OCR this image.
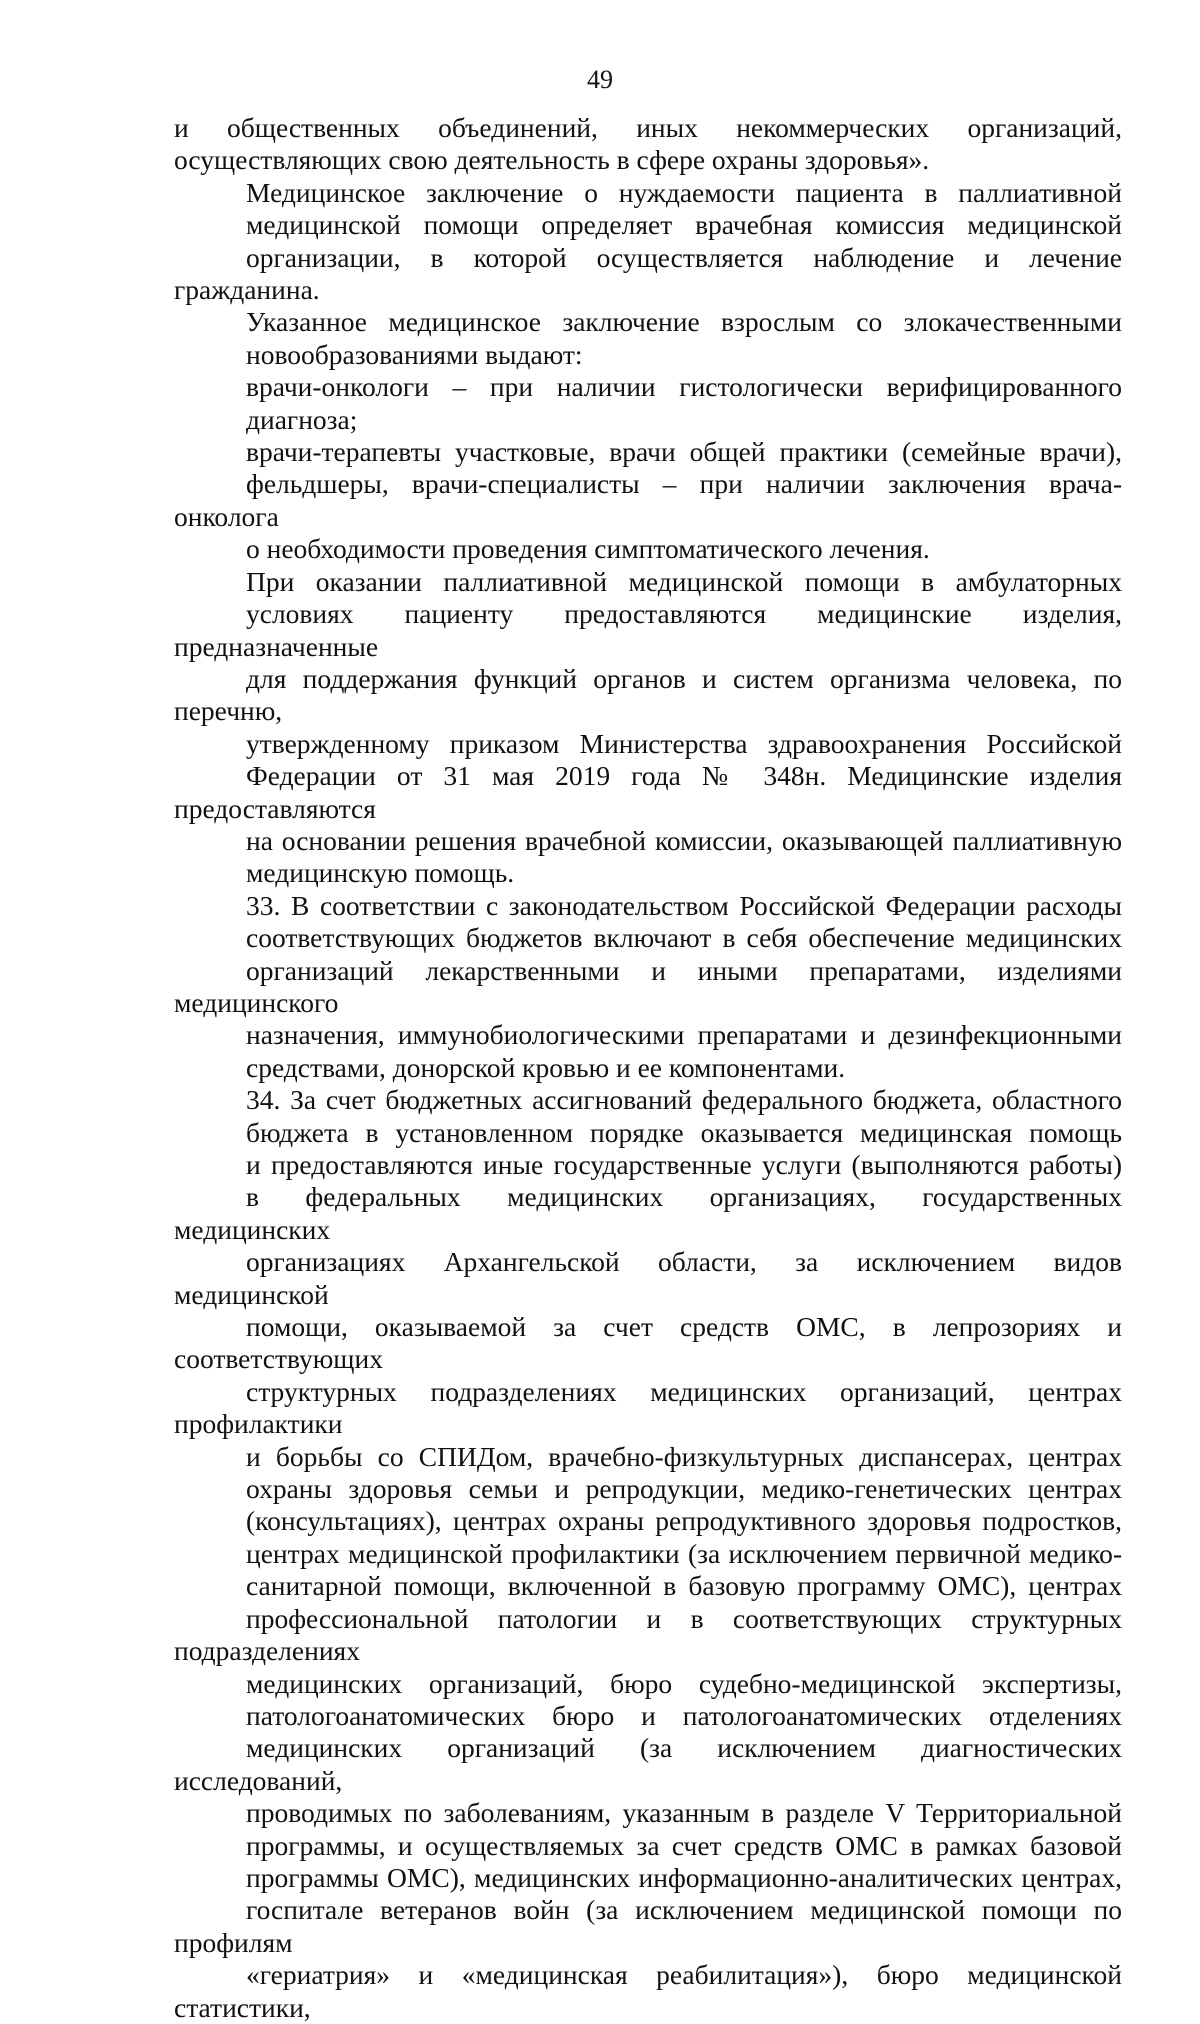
49

и общественных объединений, иных некоммерческих организаций,
осуществляющих свою деятельность в сфере охраны здоровья».

Медицинское заключение о нуждаемости пациента в паллиативной
медицинской помощи определяет врачебная комиссия медицинской
организации, в которой осуществляется наблюдение и лечение гражданина.
Указанное медицинское заключение взрослым со злокачественными
новообразованиями выдают:

врачи-онкологи – при наличии гистологически верифицированного
диагноза;

врачи-терапевты участковые, врачи общей практики (семейные врачи),
фельдшеры, врачи-специалисты – при наличии заключения врача-онколога
о необходимости проведения симптоматического лечения.

При оказании паллиативной медицинской помощи в амбулаторных
условиях пациенту предоставляются медицинские изделия, предназначенные
для поддержания функций органов и систем организма человека, по перечню,
утвержденному приказом Министерства здравоохранения Российской
Федерации от 31 мая 2019 года № 348н. Медицинские изделия предоставляются
на основании решения врачебной комиссии, оказывающей паллиативную
медицинскую помощь.

33. В соответствии с законодательством Российской Федерации расходы
соответствующих бюджетов включают в себя обеспечение медицинских
организаций лекарственными и иными препаратами, изделиями медицинского
назначения, иммунобиологическими препаратами и дезинфекционными
средствами, донорской кровью и ее компонентами.

34. За счет бюджетных ассигнований федерального бюджета, областного
бюджета в установленном порядке оказывается медицинская помощь
и предоставляются иные государственные услуги (выполняются работы)
в федеральных медицинских организациях, государственных медицинских
организациях Архангельской области, за исключением видов медицинской
помощи, оказываемой за счет средств ОМС, в лепрозориях и соответствующих
структурных подразделениях медицинских организаций, центрах профилактики
и борьбы со СПИДом, врачебно-физкультурных диспансерах, центрах
охраны здоровья семьи и репродукции, медико-генетических центрах
(консультациях), центрах охраны репродуктивного здоровья подростков,
центрах медицинской профилактики (за исключением первичной медико-
санитарной помощи, включенной в базовую программу ОМС), центрах
профессиональной патологии и в соответствующих структурных подразделениях
медицинских организаций, бюро судебно-медицинской экспертизы,
патологоанатомических бюро и патологоанатомических отделениях
медицинских организаций (за исключением диагностических исследований,
проводимых по заболеваниям, указанным в разделе V Территориальной
программы, и осуществляемых за счет средств ОМС в рамках базовой
программы ОМС), медицинских информационно-аналитических центрах,
госпитале ветеранов войн (за исключением медицинской помощи по профилям
«гериатрия» и «медицинская реабилитация»), бюро медицинской статистики,
